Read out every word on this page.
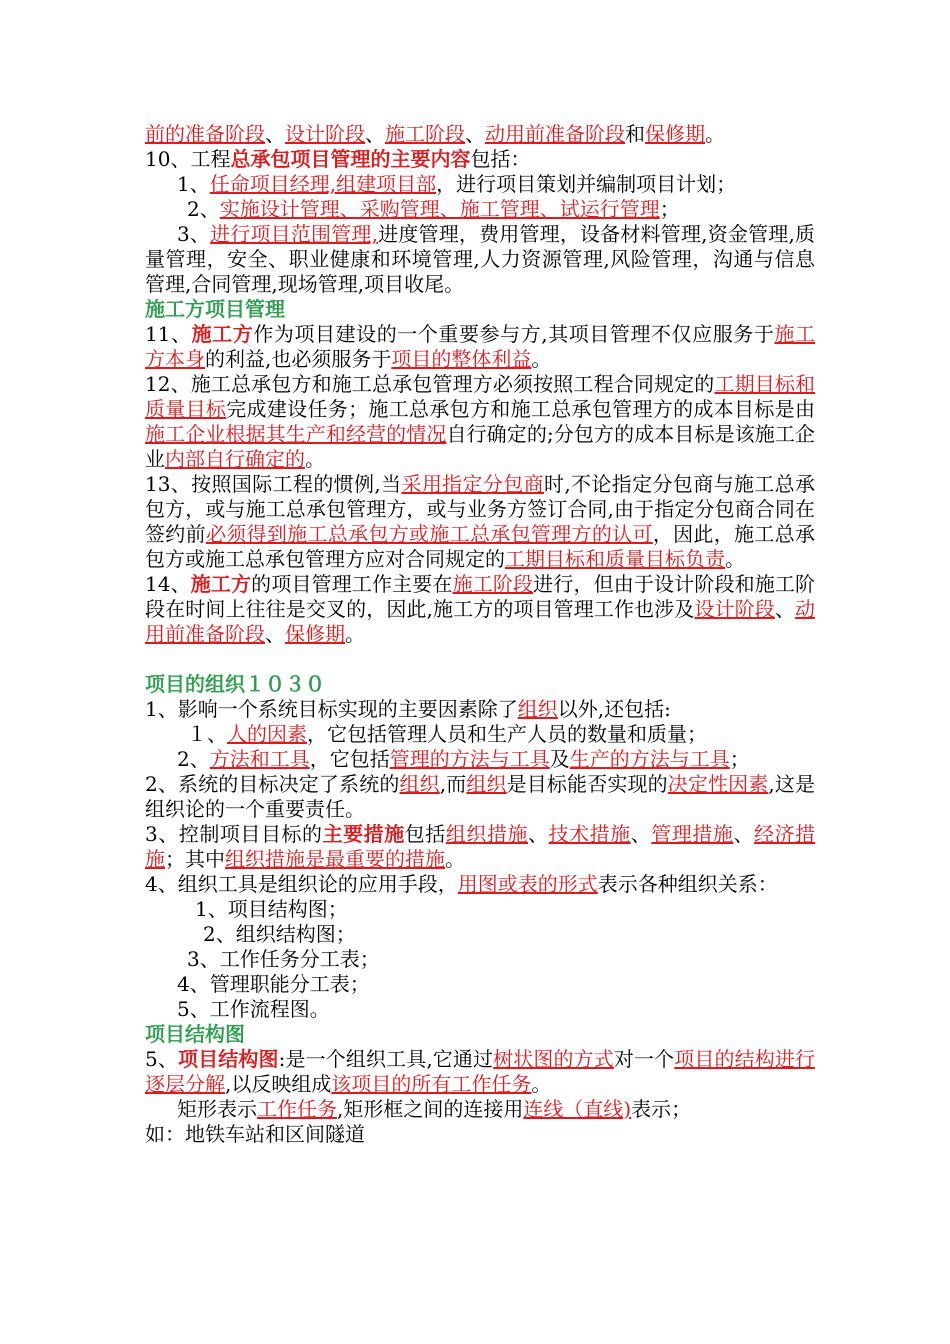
前的准备阶段、设计阶段、施工阶段、动用前准备阶段和保修期。

10、工程总承包项目管理的主要内容包括：

1、任命项目经理,组建项目部，进行项目策划并编制项目计划；

2、实施设计管理、采购管理、施工管理、试运行管理；

3、进行项目范围管理,进度管理，费用管理，设备材料管理,资金管理,质量管理，安全、职业健康和环境管理,人力资源管理,风险管理，沟通与信息管理,合同管理,现场管理,项目收尾。

施工方项目管理

11、施工方作为项目建设的一个重要参与方,其项目管理不仅应服务于施工方本身的利益,也必须服务于项目的整体利益。

12、施工总承包方和施工总承包管理方必须按照工程合同规定的工期目标和质量目标完成建设任务；施工总承包方和施工总承包管理方的成本目标是由施工企业根据其生产和经营的情况自行确定的;分包方的成本目标是该施工企业内部自行确定的。

13、按照国际工程的惯例,当采用指定分包商时,不论指定分包商与施工总承包方，或与施工总承包管理方，或与业务方签订合同,由于指定分包商合同在签约前必须得到施工总承包方或施工总承包管理方的认可，因此，施工总承包方或施工总承包管理方应对合同规定的工期目标和质量目标负责。

14、施工方的项目管理工作主要在施工阶段进行，但由于设计阶段和施工阶段在时间上往往是交叉的，因此,施工方的项目管理工作也涉及设计阶段、动用前准备阶段、保修期。

项目的组织１０３０

1、影响一个系统目标实现的主要因素除了组织以外,还包括:

１、人的因素，它包括管理人员和生产人员的数量和质量；

2、方法和工具，它包括管理的方法与工具及生产的方法与工具；

2、系统的目标决定了系统的组织,而组织是目标能否实现的决定性因素,这是组织论的一个重要责任。

3、控制项目目标的主要措施包括组织措施、技术措施、管理措施、经济措施；其中组织措施是最重要的措施。

4、组织工具是组织论的应用手段，用图或表的形式表示各种组织关系：

1、项目结构图；

2、组织结构图；

3、工作任务分工表；

4、管理职能分工表；

5、工作流程图。

项目结构图

5、项目结构图:是一个组织工具,它通过树状图的方式对一个项目的结构进行逐层分解,以反映组成该项目的所有工作任务。

矩形表示工作任务,矩形框之间的连接用连线（直线)表示；

如：地铁车站和区间隧道
